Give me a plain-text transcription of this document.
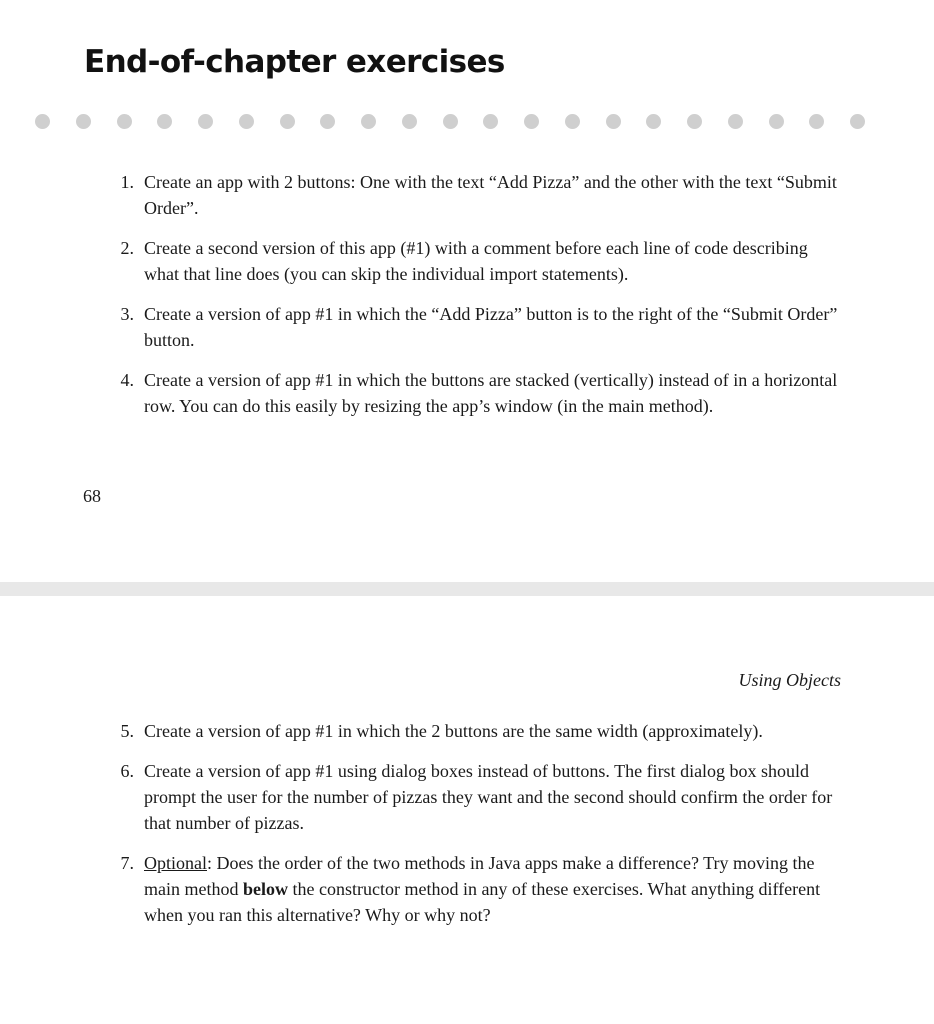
End-of-chapter exercises
1. Create an app with 2 buttons: One with the text “Add Pizza” and the other with the text “Submit Order”.
2. Create a second version of this app (#1) with a comment before each line of code describing what that line does (you can skip the individual import statements).
3. Create a version of app #1 in which the “Add Pizza” button is to the right of the “Submit Order” button.
4. Create a version of app #1 in which the buttons are stacked (vertically) instead of in a horizontal row. You can do this easily by resizing the app’s window (in the main method).
68
Using Objects
5. Create a version of app #1 in which the 2 buttons are the same width (approximately).
6. Create a version of app #1 using dialog boxes instead of buttons. The first dialog box should prompt the user for the number of pizzas they want and the second should confirm the order for that number of pizzas.
7. Optional: Does the order of the two methods in Java apps make a difference? Try moving the main method below the constructor method in any of these exercises. What anything different when you ran this alternative? Why or why not?
